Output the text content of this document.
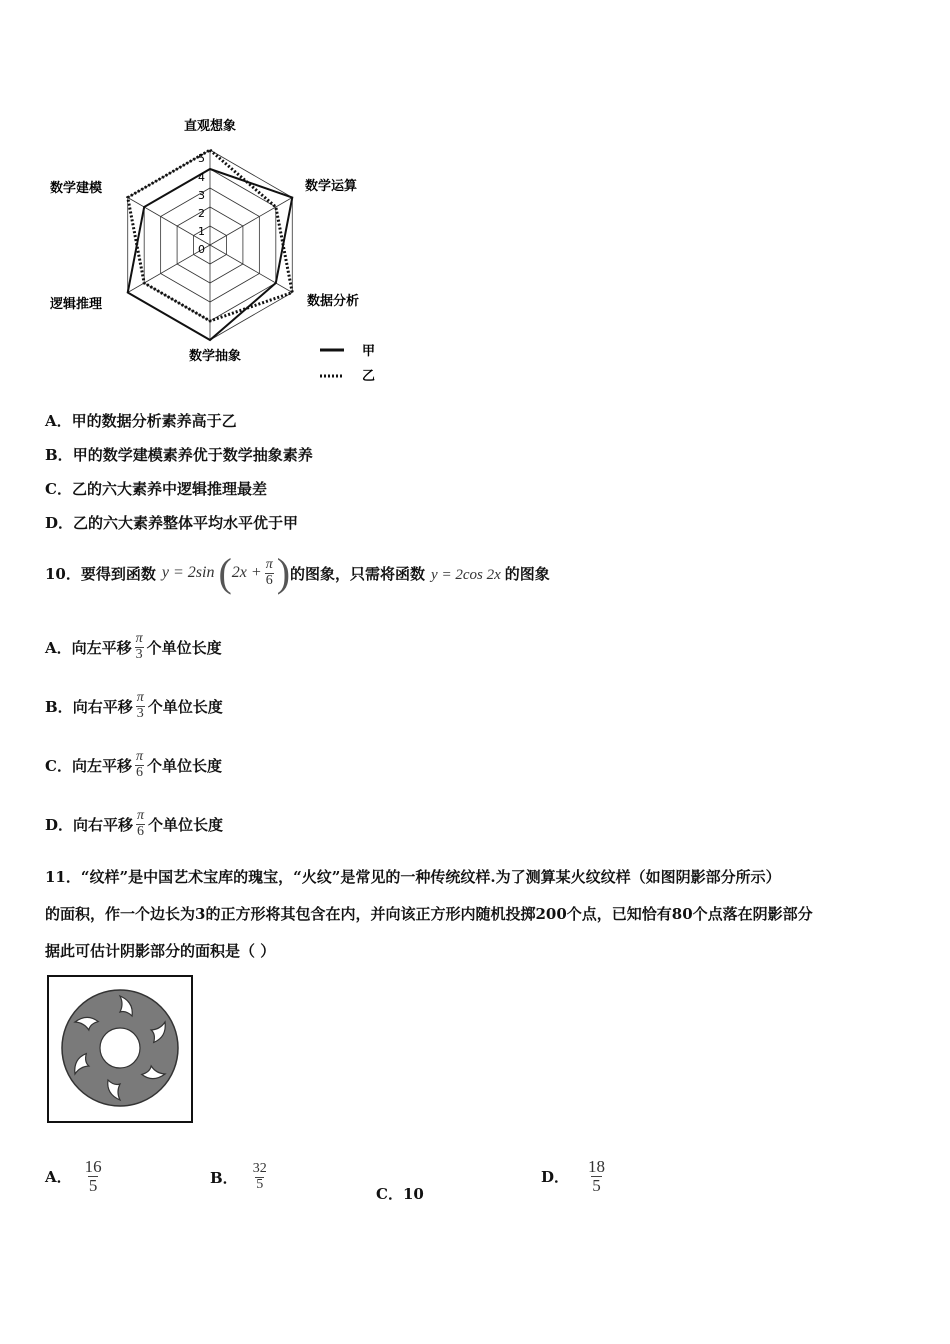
直观想象
数学运算
数据分析
数学抽象
逻辑推理
数学建模
0
1
2
3
4
5
甲
乙
A．甲的数据分析素养高于乙
B．甲的数学建模素养优于数学抽象素养
C．乙的六大素养中逻辑推理最差
D．乙的六大素养整体平均水平优于甲
10．要得到函数 y = 2sin ( $2x + \frac{\pi}{6}$ ) 的图象，只需将函数 y = 2cos 2x 的图象
A． 向左平移 $\frac{\pi}{3}$ 个单位长度
B． 向右平移 $\frac{\pi}{3}$ 个单位长度
C． 向左平移 $\frac{\pi}{6}$ 个单位长度
D． 向右平移 $\frac{\pi}{6}$ 个单位长度
11．“纹样”是中国艺术宝库的瑰宝，“火纹”是常见的一种传统纹样.为了测算某火纹纹样（如图阴影部分所示）
的面积，作一个边长为3的正方形将其包含在内，并向该正方形内随机投掷200个点，已知恰有80个点落在阴影部分
据此可估计阴影部分的面积是（ ）
A． $\frac{16}{5}$	B． $\frac{32}{5}$
C．10
D． $\frac{18}{5}$
